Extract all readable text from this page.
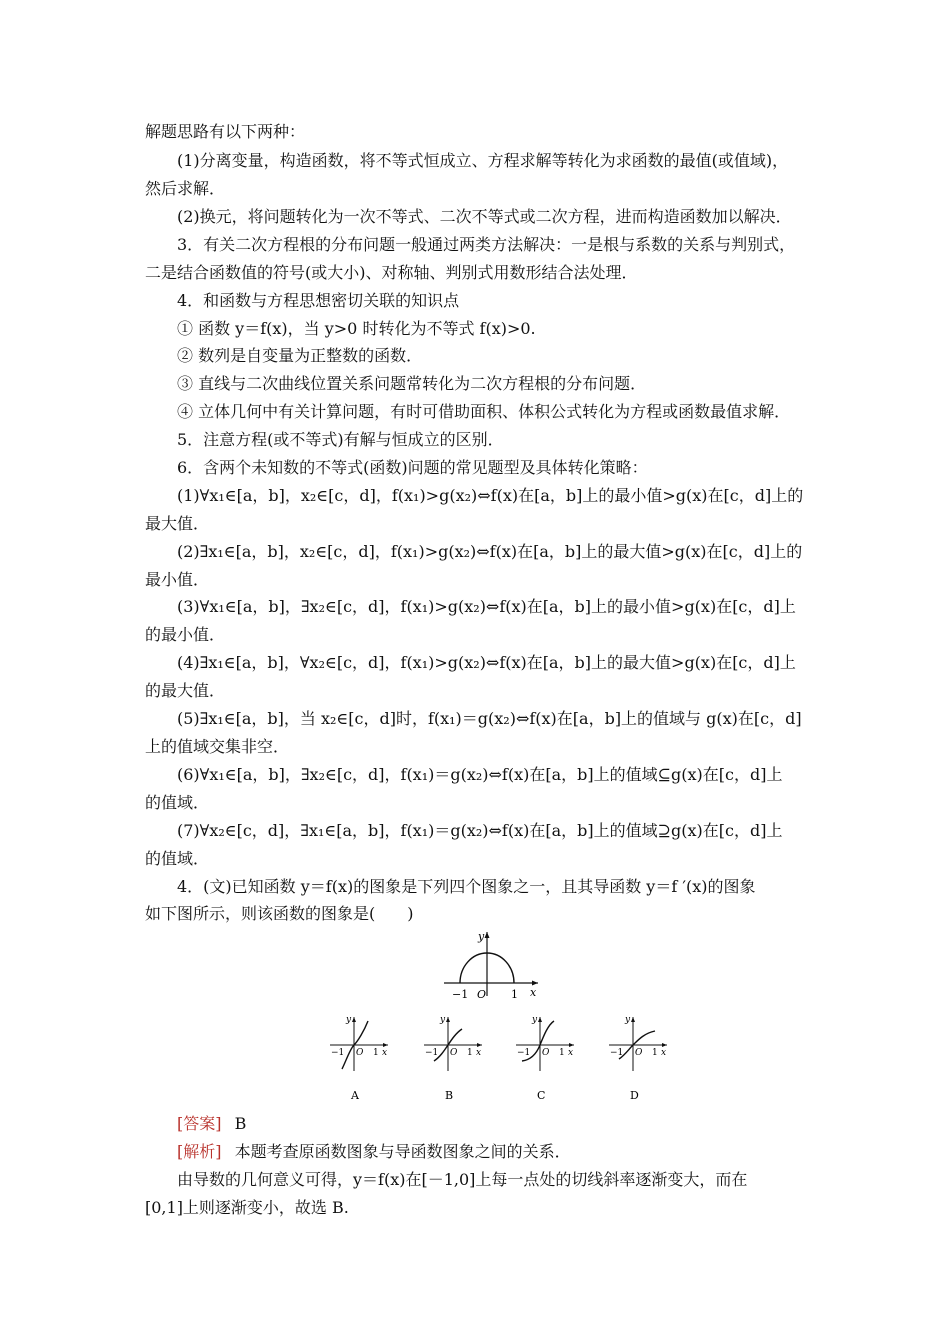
解题思路有以下两种：
(1)分离变量，构造函数，将不等式恒成立、方程求解等转化为求函数的最值(或值域)，
然后求解．
(2)换元，将问题转化为一次不等式、二次不等式或二次方程，进而构造函数加以解决．
3．有关二次方程根的分布问题一般通过两类方法解决：一是根与系数的关系与判别式，
二是结合函数值的符号(或大小)、对称轴、判别式用数形结合法处理．
4．和函数与方程思想密切关联的知识点
① 函数 y＝f(x)，当 y>0 时转化为不等式 f(x)>0.
② 数列是自变量为正整数的函数．
③ 直线与二次曲线位置关系问题常转化为二次方程根的分布问题．
④ 立体几何中有关计算问题，有时可借助面积、体积公式转化为方程或函数最值求解．
5．注意方程(或不等式)有解与恒成立的区别．
6．含两个未知数的不等式(函数)问题的常见题型及具体转化策略：
(1)∀x₁∈[a，b]，x₂∈[c，d]，f(x₁)>g(x₂)⇔f(x)在[a，b]上的最小值>g(x)在[c，d]上的
最大值．
(2)∃x₁∈[a，b]，x₂∈[c，d]，f(x₁)>g(x₂)⇔f(x)在[a，b]上的最大值>g(x)在[c，d]上的
最小值．
(3)∀x₁∈[a，b]，∃x₂∈[c，d]，f(x₁)>g(x₂)⇔f(x)在[a，b]上的最小值>g(x)在[c，d]上
的最小值．
(4)∃x₁∈[a，b]，∀x₂∈[c，d]，f(x₁)>g(x₂)⇔f(x)在[a，b]上的最大值>g(x)在[c，d]上
的最大值．
(5)∃x₁∈[a，b]，当 x₂∈[c，d]时，f(x₁)＝g(x₂)⇔f(x)在[a，b]上的值域与 g(x)在[c，d]
上的值域交集非空．
(6)∀x₁∈[a，b]，∃x₂∈[c，d]，f(x₁)＝g(x₂)⇔f(x)在[a，b]上的值域⊆g(x)在[c，d]上
的值域．
(7)∀x₂∈[c，d]，∃x₁∈[a，b]，f(x₁)＝g(x₂)⇔f(x)在[a，b]上的值域⊇g(x)在[c，d]上
的值域．
4．(文)已知函数 y＝f(x)的图象是下列四个图象之一，且其导函数 y＝f ′(x)的图象
如下图所示，则该函数的图象是(　　)
y
x
−1 O 1
y
x
−1 O 1
A
y
x
−1 O 1
B
y
x
−1 O 1
C
y
x
−1 O 1
D
[答案] B
[解析] 本题考查原函数图象与导函数图象之间的关系．
由导数的几何意义可得，y＝f(x)在[－1,0]上每一点处的切线斜率逐渐变大，而在
[0,1]上则逐渐变小，故选 B.
